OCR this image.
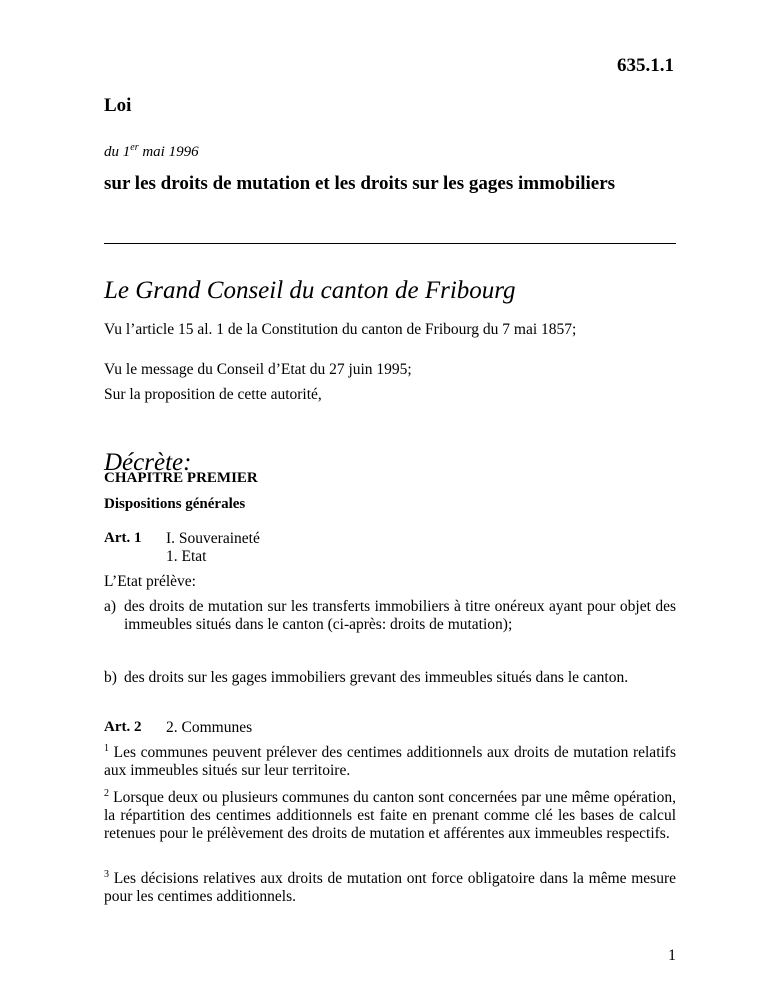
635.1.1
Loi
du 1er mai 1996
sur les droits de mutation et les droits sur les gages immobiliers
Le Grand Conseil du canton de Fribourg
Vu l’article 15 al. 1 de la Constitution du canton de Fribourg du 7 mai 1857;
Vu le message du Conseil d’Etat du 27 juin 1995;
Sur la proposition de cette autorité,
Décrète:
CHAPITRE PREMIER
Dispositions générales
Art. 1 I. Souveraineté
1. Etat
L’Etat prélève:
a) des droits de mutation sur les transferts immobiliers à titre onéreux ayant pour objet des immeubles situés dans le canton (ci-après: droits de mutation);
b) des droits sur les gages immobiliers grevant des immeubles situés dans le canton.
Art. 2 2. Communes
$^1$ Les communes peuvent prélever des centimes additionnels aux droits de mutation relatifs aux immeubles situés sur leur territoire.
$^2$ Lorsque deux ou plusieurs communes du canton sont concernées par une même opération, la répartition des centimes additionnels est faite en prenant comme clé les bases de calcul retenues pour le prélèvement des droits de mutation et afférentes aux immeubles respectifs.
$^3$ Les décisions relatives aux droits de mutation ont force obligatoire dans la même mesure pour les centimes additionnels.
1
